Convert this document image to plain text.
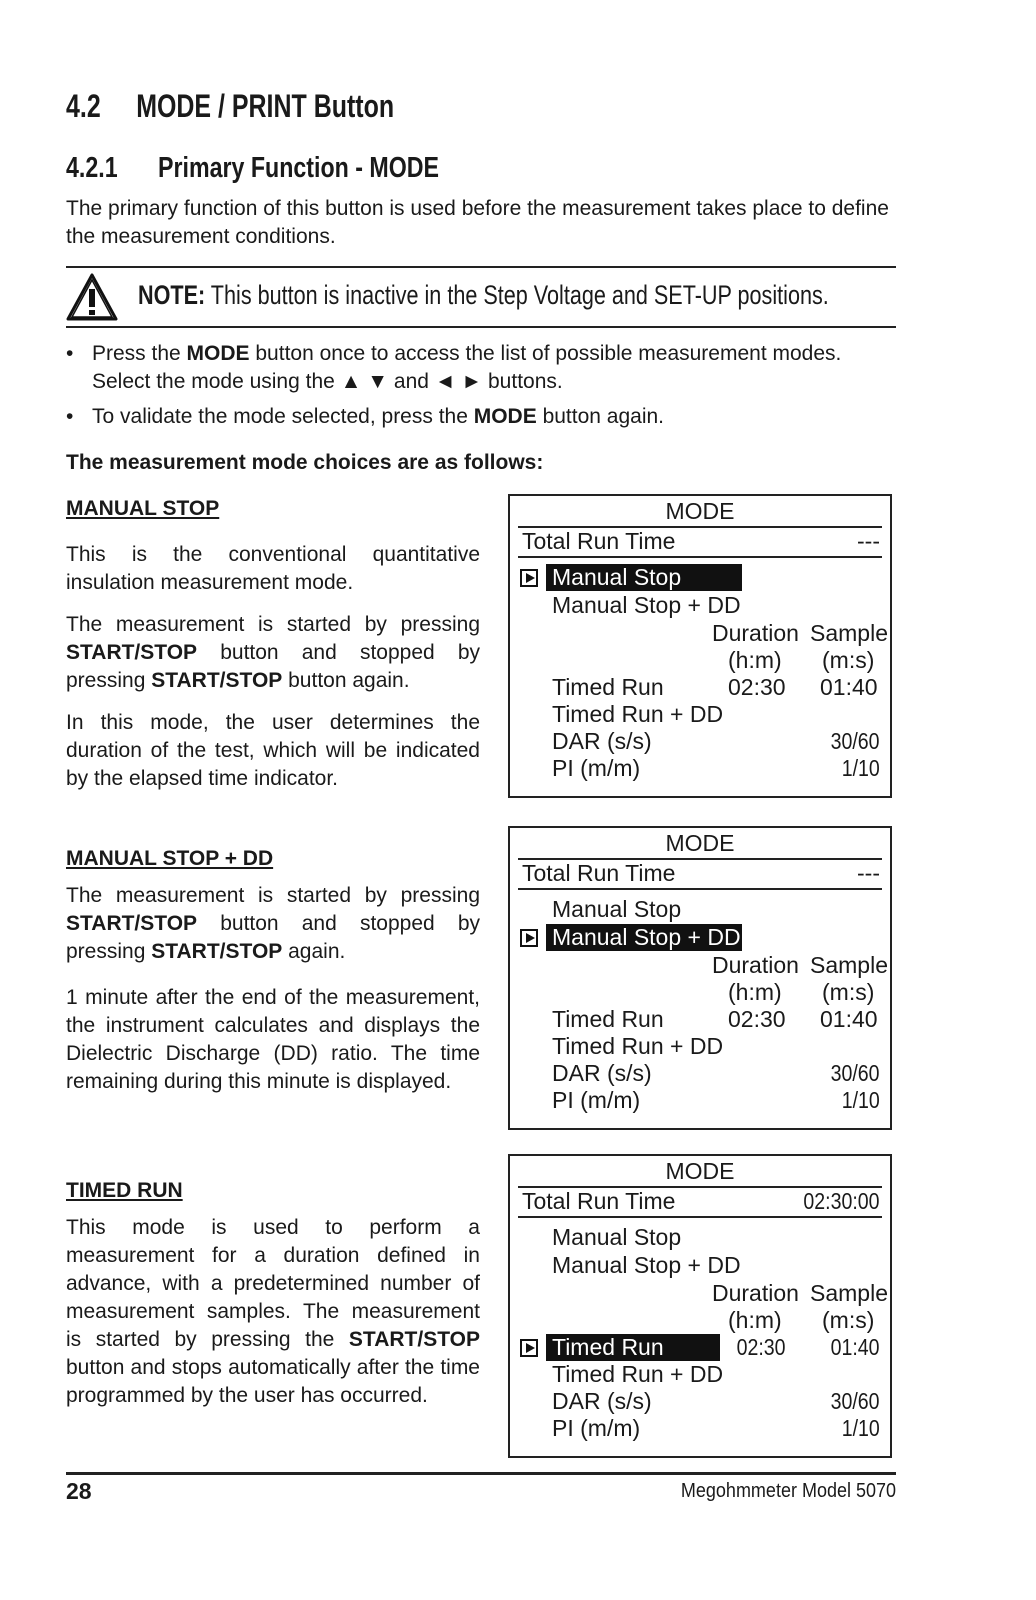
4.2 MODE / PRINT Button
4.2.1 Primary Function - MODE

The primary function of this button is used before the measurement takes place to define the measurement conditions.

NOTE: This button is inactive in the Step Voltage and SET-UP positions.
• Press the MODE button once to access the list of possible measurement modes.
Select the mode using the ▲ ▼ and ◄ ► buttons.
• To validate the mode selected, press the MODE button again.
The measurement mode choices are as follows:
MANUAL STOP

This is the conventional quantitative insulation measurement mode.

The measurement is started by pressing START/STOP button and stopped by pressing START/STOP button again.

In this mode, the user determines the duration of the test, which will be indicated by the elapsed time indicator.

MANUAL STOP + DD

The measurement is started by pressing START/STOP button and stopped by pressing START/STOP again.

1 minute after the end of the measurement, the instrument calculates and displays the Dielectric Discharge (DD) ratio. The time remaining during this minute is displayed.

TIMED RUN

This mode is used to perform a measurement for a duration defined in advance, with a predetermined number of measurement samples. The measurement is started by pressing the START/STOP button and stops automatically after the time programmed by the user has occurred.

MODE
Total Run Time	---
Manual Stop
Manual Stop + DD
Duration Sample
(h:m) (m:s)
Timed Run	02:30 01:40
Timed Run + DD
DAR (s/s)	30/60
PI (m/m)	1/10
MODE
Total Run Time	---
Manual Stop
Manual Stop + DD
Duration Sample
(h:m) (m:s)
Timed Run	02:30 01:40
Timed Run + DD
DAR (s/s)	30/60
PI (m/m)	1/10
MODE
Total Run Time	02:30:00
Manual Stop
Manual Stop + DD
Duration Sample
(h:m) (m:s)
Timed Run	02:30	01:40
Timed Run + DD
DAR (s/s)	30/60
PI (m/m)	1/10
28	Megohmmeter Model 5070
